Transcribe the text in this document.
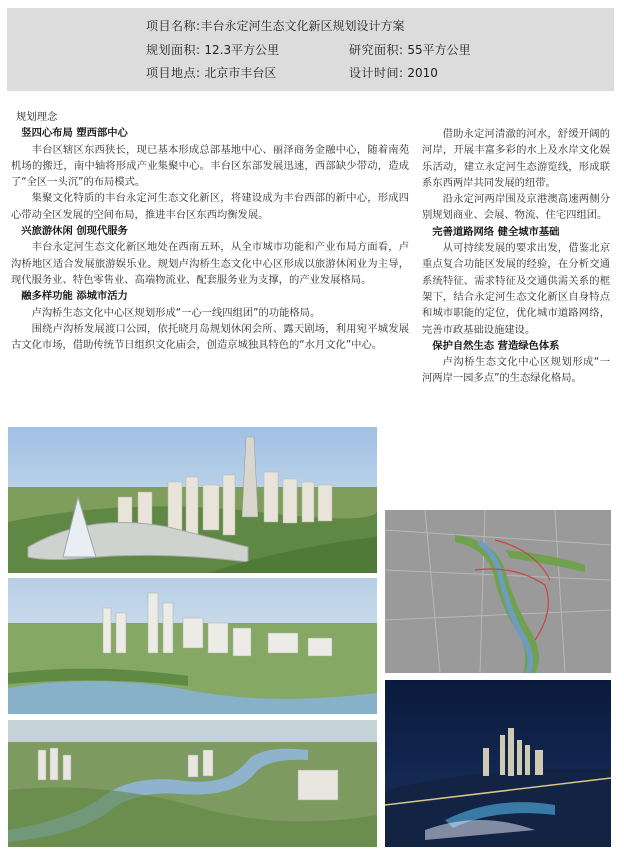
项目名称:丰台永定河生态文化新区规划设计方案
规划面积: 12.3平方公里	研究面积: 55平方公里
项目地点: 北京市丰台区	设计时间: 2010

规划理念

竖四心布局 塑西部中心

丰台区辖区东西狭长，现已基本形成总部基地中心、丽泽商务金融中心，随着南苑机场的搬迁，南中轴将形成产业集聚中心。丰台区东部发展迅速，西部缺少带动，造成了“全区一头沉”的布局模式。

集聚文化特质的丰台永定河生态文化新区，将建设成为丰台西部的新中心，形成四心带动全区发展的空间布局，推进丰台区东西均衡发展。

兴旅游休闲 创现代服务

丰台永定河生态文化新区地处在西南五环，从全市城市功能和产业布局方面看，卢沟桥地区适合发展旅游娱乐业。规划卢沟桥生态文化中心区形成以旅游休闲业为主导，现代服务业、特色零售业、高端物流业、配套服务业为支撑，的产业发展格局。

融多样功能 添城市活力

卢沟桥生态文化中心区规划形成“一心一线四组团”的功能格局。

围绕卢沟桥发展渡口公园，依托晓月岛规划休闲会所、露天剧场，利用宛平城发展古文化市场，借助传统节日组织文化庙会，创造京城独具特色的“水月文化”中心。

借助永定河清澈的河水，舒缓开阔的河岸，开展丰富多彩的水上及水岸文化娱乐活动，建立永定河生态游览线，形成联系东西两岸共同发展的纽带。

沿永定河两岸围及京港澳高速两侧分别规划商业、会展、物流、住宅四组团。

完善道路网络 健全城市基础

从可持续发展的要求出发，借鉴北京重点复合功能区发展的经验，在分析交通系统特征、需求特征及交通供需关系的框架下，结合永定河生态文化新区自身特点和城市职能的定位，优化城市道路网络，完善市政基础设施建设。

保护自然生态 营造绿色体系

卢沟桥生态文化中心区规划形成“一河两岸一园多点”的生态绿化格局。
